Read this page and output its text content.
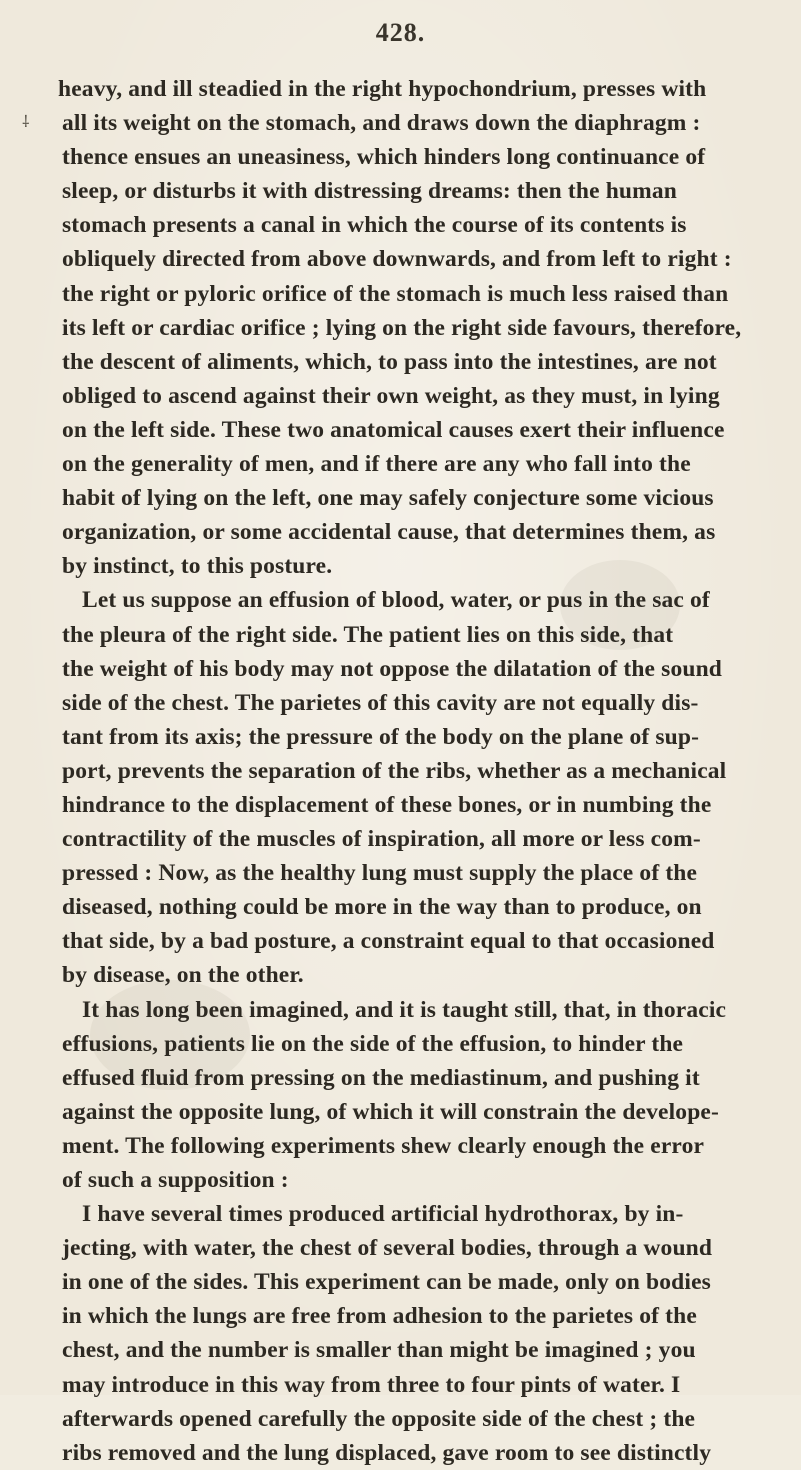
428.
⸸
heavy, and ill steadied in the right hypochondrium, presses with
all its weight on the stomach, and draws down the diaphragm :
thence ensues an uneasiness, which hinders long continuance of
sleep, or disturbs it with distressing dreams: then the human
stomach presents a canal in which the course of its contents is
obliquely directed from above downwards, and from left to right :
the right or pyloric orifice of the stomach is much less raised than
its left or cardiac orifice ; lying on the right side favours, therefore,
the descent of aliments, which, to pass into the intestines, are not
obliged to ascend against their own weight, as they must, in lying
on the left side. These two anatomical causes exert their influence
on the generality of men, and if there are any who fall into the
habit of lying on the left, one may safely conjecture some vicious
organization, or some accidental cause, that determines them, as
by instinct, to this posture.
Let us suppose an effusion of blood, water, or pus in the sac of
the pleura of the right side. The patient lies on this side, that
the weight of his body may not oppose the dilatation of the sound
side of the chest. The parietes of this cavity are not equally dis-
tant from its axis; the pressure of the body on the plane of sup-
port, prevents the separation of the ribs, whether as a mechanical
hindrance to the displacement of these bones, or in numbing the
contractility of the muscles of inspiration, all more or less com-
pressed : Now, as the healthy lung must supply the place of the
diseased, nothing could be more in the way than to produce, on
that side, by a bad posture, a constraint equal to that occasioned
by disease, on the other.
It has long been imagined, and it is taught still, that, in thoracic
effusions, patients lie on the side of the effusion, to hinder the
effused fluid from pressing on the mediastinum, and pushing it
against the opposite lung, of which it will constrain the develope-
ment. The following experiments shew clearly enough the error
of such a supposition :
I have several times produced artificial hydrothorax, by in-
jecting, with water, the chest of several bodies, through a wound
in one of the sides. This experiment can be made, only on bodies
in which the lungs are free from adhesion to the parietes of the
chest, and the number is smaller than might be imagined ; you
may introduce in this way from three to four pints of water. I
afterwards opened carefully the opposite side of the chest ; the
ribs removed and the lung displaced, gave room to see distinctly
